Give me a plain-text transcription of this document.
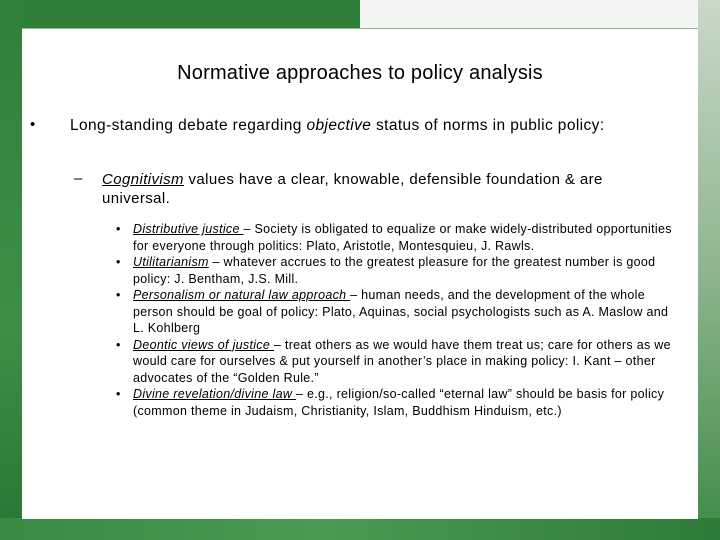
Normative approaches to policy analysis
• Long-standing debate regarding objective status of norms in public policy:
– Cognitivism values have a clear, knowable, defensible foundation & are universal.
• Distributive justice – Society is obligated to equalize or make widely-distributed opportunities for everyone through politics: Plato, Aristotle, Montesquieu, J. Rawls.
• Utilitarianism – whatever accrues to the greatest pleasure for the greatest number is good policy: J. Bentham, J.S. Mill.
• Personalism or natural law approach – human needs, and the development of the whole person should be goal of policy: Plato, Aquinas, social psychologists such as A. Maslow and L. Kohlberg
• Deontic views of justice – treat others as we would have them treat us; care for others as we would care for ourselves & put yourself in another’s place in making policy: I. Kant – other advocates of the “Golden Rule.”
• Divine revelation/divine law – e.g., religion/so-called “eternal law” should be basis for policy (common theme in Judaism, Christianity, Islam, Buddhism Hinduism, etc.)
